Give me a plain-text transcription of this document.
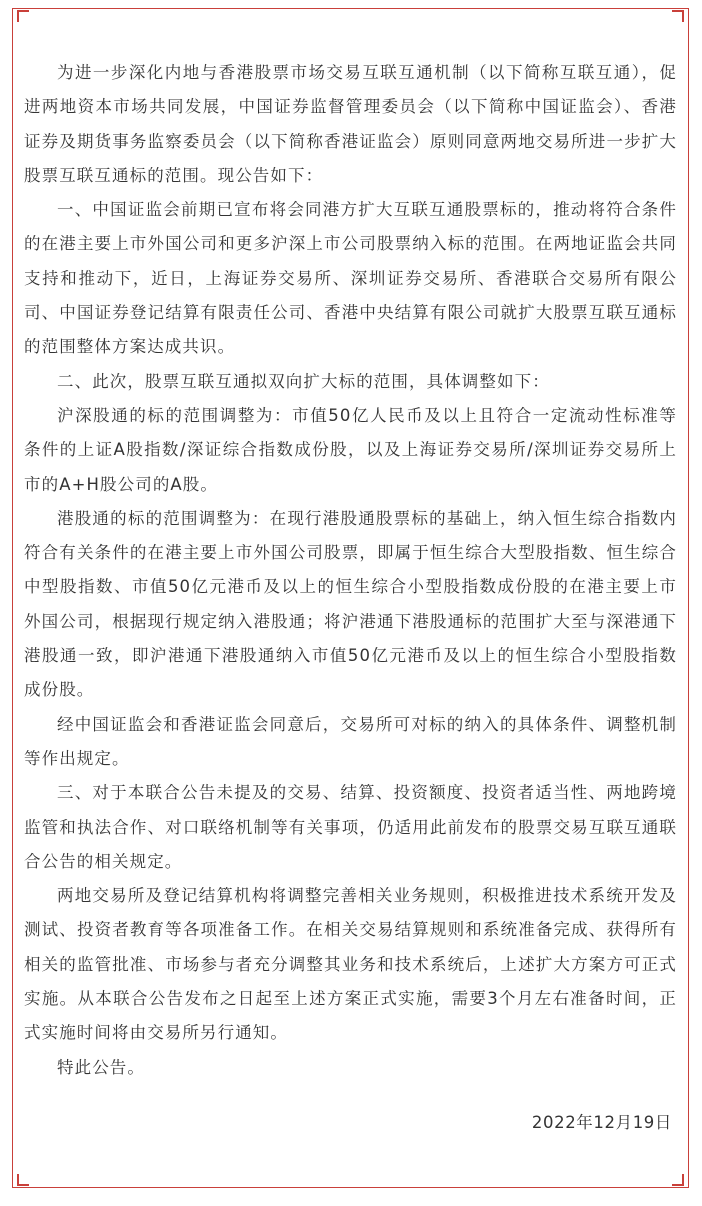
为进一步深化内地与香港股票市场交易互联互通机制（以下简称互联互通），促进两地资本市场共同发展，中国证券监督管理委员会（以下简称中国证监会）、香港证券及期货事务监察委员会（以下简称香港证监会）原则同意两地交易所进一步扩大股票互联互通标的范围。现公告如下：

一、中国证监会前期已宣布将会同港方扩大互联互通股票标的，推动将符合条件的在港主要上市外国公司和更多沪深上市公司股票纳入标的范围。在两地证监会共同支持和推动下，近日，上海证券交易所、深圳证券交易所、香港联合交易所有限公司、中国证券登记结算有限责任公司、香港中央结算有限公司就扩大股票互联互通标的范围整体方案达成共识。

二、此次，股票互联互通拟双向扩大标的范围，具体调整如下：

沪深股通的标的范围调整为：市值50亿人民币及以上且符合一定流动性标准等条件的上证A股指数/深证综合指数成份股，以及上海证券交易所/深圳证券交易所上市的A+H股公司的A股。

港股通的标的范围调整为：在现行港股通股票标的基础上，纳入恒生综合指数内符合有关条件的在港主要上市外国公司股票，即属于恒生综合大型股指数、恒生综合中型股指数、市值50亿元港币及以上的恒生综合小型股指数成份股的在港主要上市外国公司，根据现行规定纳入港股通；将沪港通下港股通标的范围扩大至与深港通下港股通一致，即沪港通下港股通纳入市值50亿元港币及以上的恒生综合小型股指数成份股。

经中国证监会和香港证监会同意后，交易所可对标的纳入的具体条件、调整机制等作出规定。

三、对于本联合公告未提及的交易、结算、投资额度、投资者适当性、两地跨境监管和执法合作、对口联络机制等有关事项，仍适用此前发布的股票交易互联互通联合公告的相关规定。

两地交易所及登记结算机构将调整完善相关业务规则，积极推进技术系统开发及测试、投资者教育等各项准备工作。在相关交易结算规则和系统准备完成、获得所有相关的监管批准、市场参与者充分调整其业务和技术系统后，上述扩大方案方可正式实施。从本联合公告发布之日起至上述方案正式实施，需要3个月左右准备时间，正式实施时间将由交易所另行通知。

特此公告。

2022年12月19日
